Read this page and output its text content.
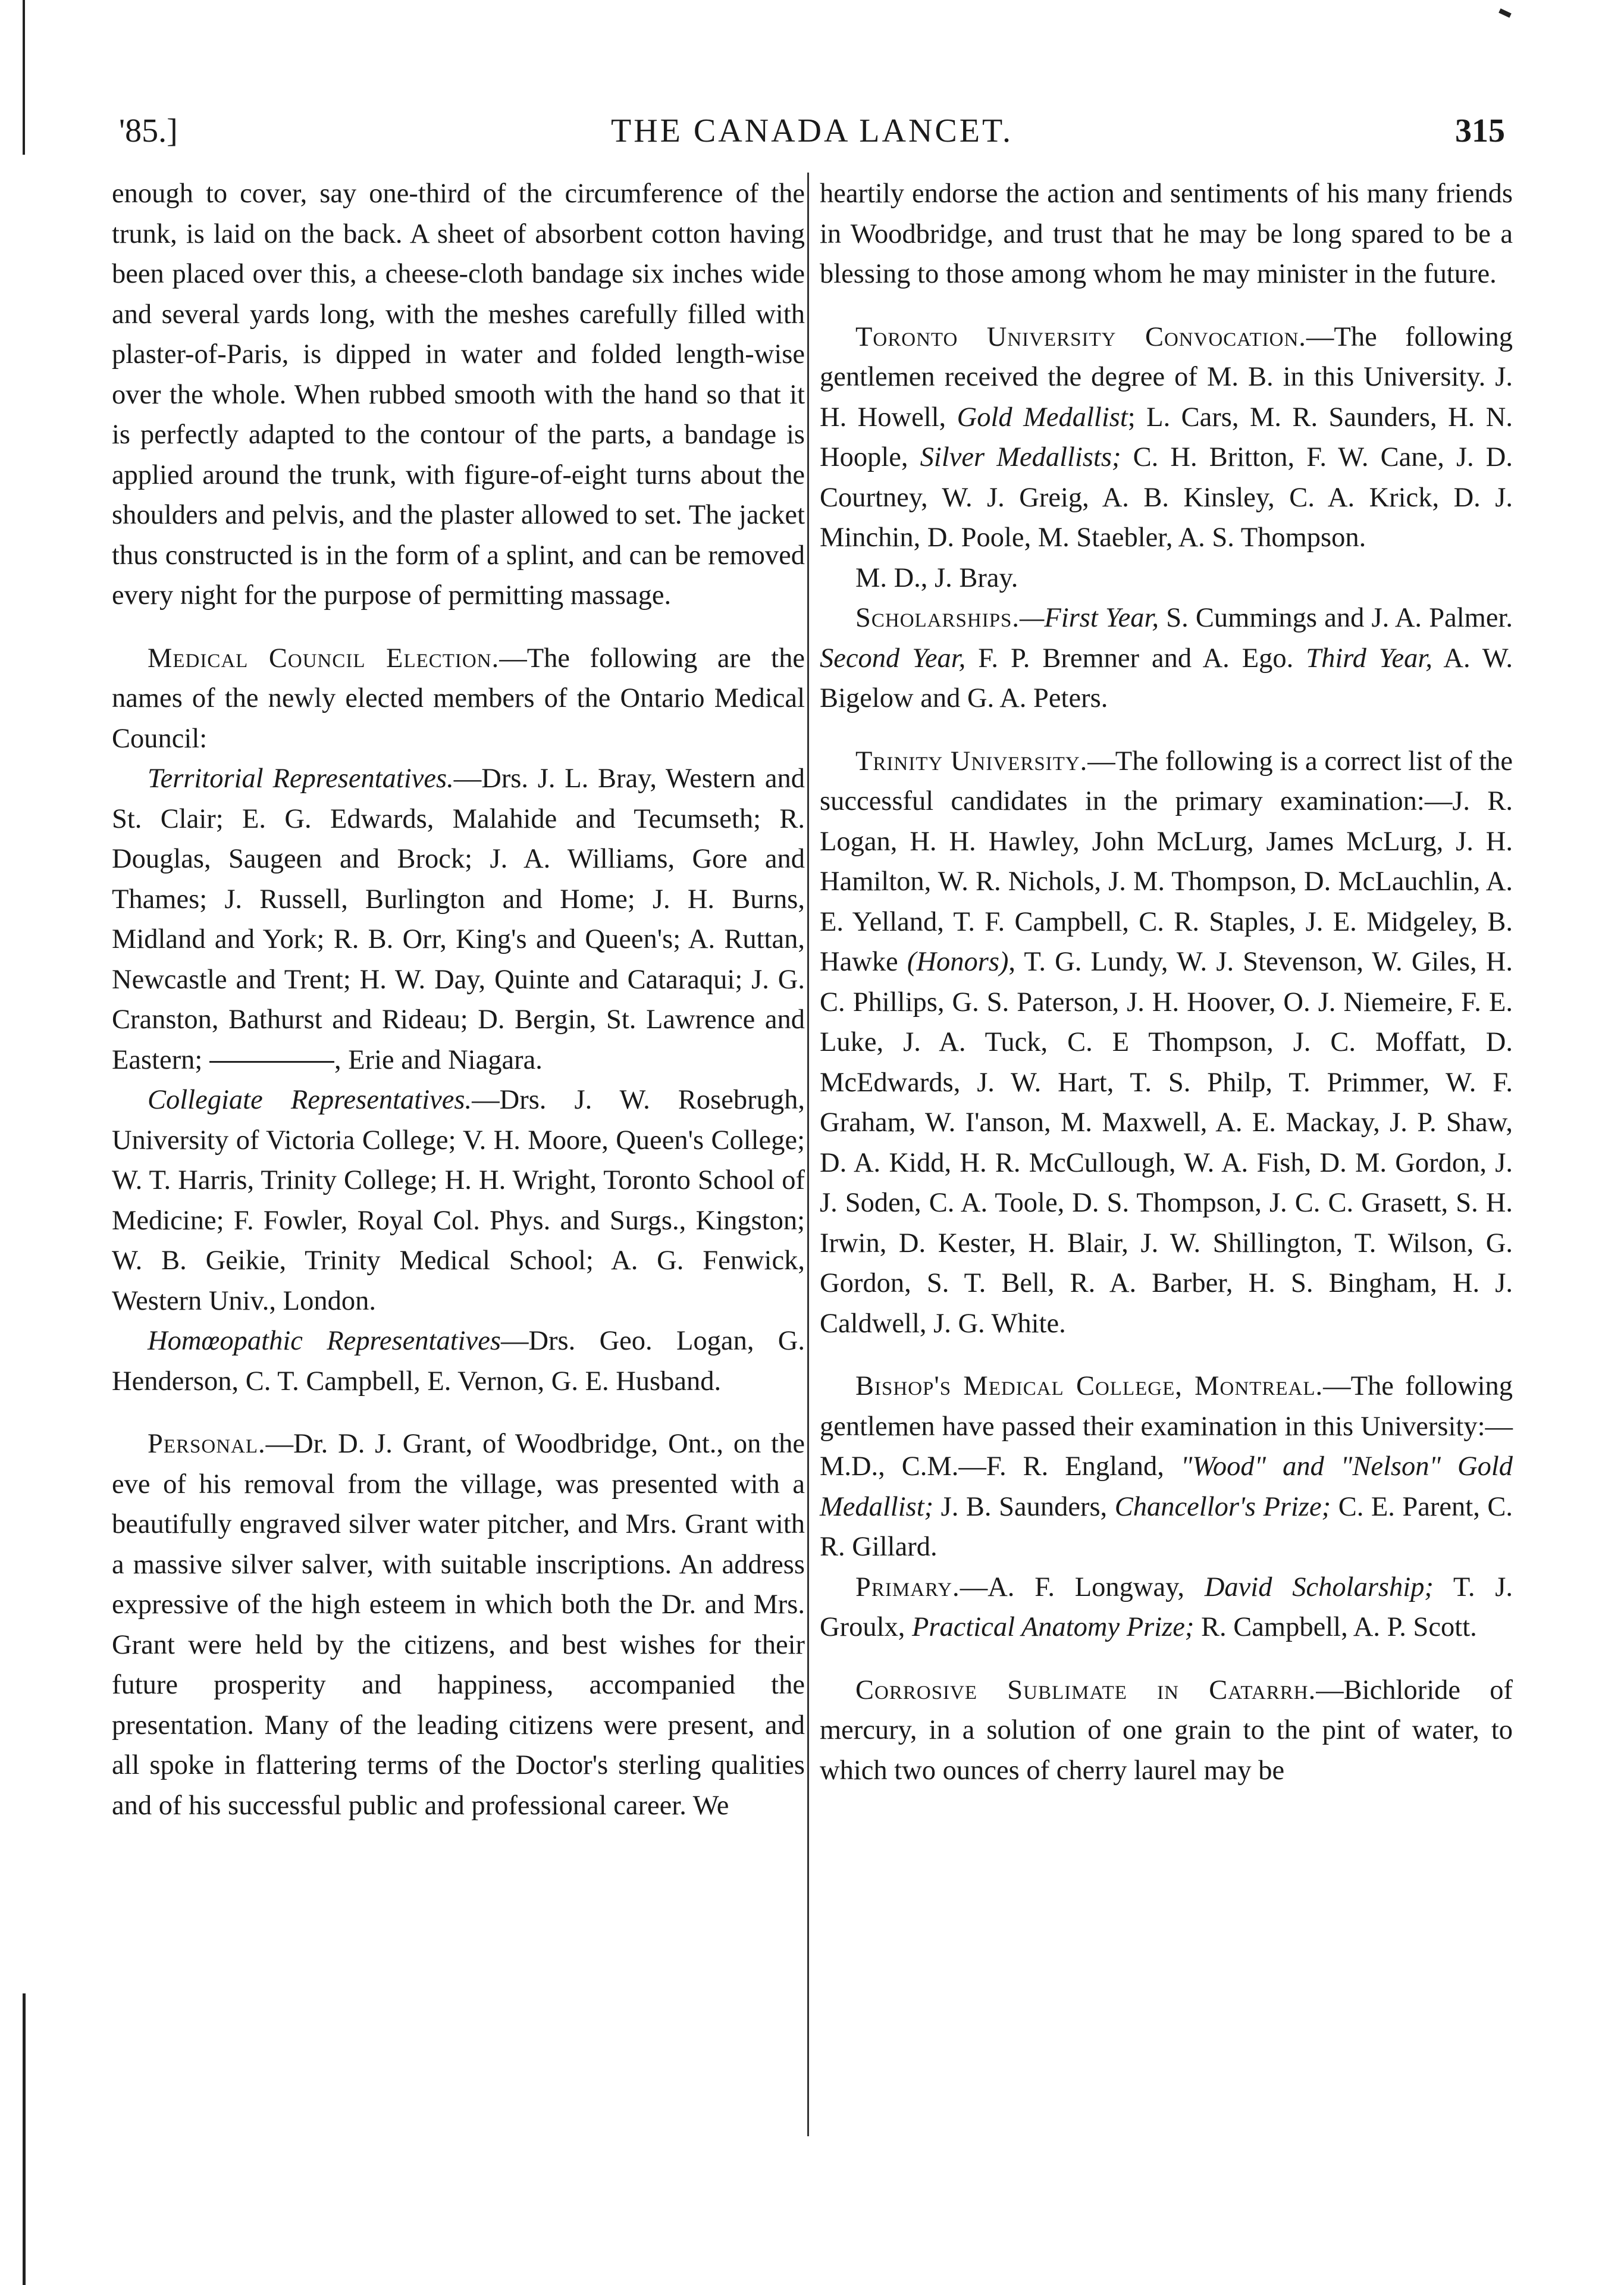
'85.]	THE CANADA LANCET.	315

enough to cover, say one-third of the circumference of the trunk, is laid on the back. A sheet of absorbent cotton having been placed over this, a cheese-cloth bandage six inches wide and several yards long, with the meshes carefully filled with plaster-of-Paris, is dipped in water and folded length-wise over the whole. When rubbed smooth with the hand so that it is perfectly adapted to the contour of the parts, a bandage is applied around the trunk, with figure-of-eight turns about the shoulders and pelvis, and the plaster allowed to set. The jacket thus constructed is in the form of a splint, and can be removed every night for the purpose of permitting massage.

Medical Council Election.—The following are the names of the newly elected members of the Ontario Medical Council:

Territorial Representatives.—Drs. J. L. Bray, Western and St. Clair; E. G. Edwards, Malahide and Tecumseth; R. Douglas, Saugeen and Brock; J. A. Williams, Gore and Thames; J. Russell, Burlington and Home; J. H. Burns, Midland and York; R. B. Orr, King's and Queen's; A. Ruttan, Newcastle and Trent; H. W. Day, Quinte and Cataraqui; J. G. Cranston, Bathurst and Rideau; D. Bergin, St. Lawrence and Eastern;	, Erie and Niagara.

Collegiate Representatives.—Drs. J. W. Rosebrugh, University of Victoria College; V. H. Moore, Queen's College; W. T. Harris, Trinity College; H. H. Wright, Toronto School of Medicine; F. Fowler, Royal Col. Phys. and Surgs., Kingston; W. B. Geikie, Trinity Medical School; A. G. Fenwick, Western Univ., London.

Homœopathic Representatives—Drs. Geo. Logan, G. Henderson, C. T. Campbell, E. Vernon, G. E. Husband.

Personal.—Dr. D. J. Grant, of Woodbridge, Ont., on the eve of his removal from the village, was presented with a beautifully engraved silver water pitcher, and Mrs. Grant with a massive silver salver, with suitable inscriptions. An address expressive of the high esteem in which both the Dr. and Mrs. Grant were held by the citizens, and best wishes for their future prosperity and happiness, accompanied the presentation. Many of the leading citizens were present, and all spoke in flattering terms of the Doctor's sterling qualities and of his successful public and professional career. We

heartily endorse the action and sentiments of his many friends in Woodbridge, and trust that he may be long spared to be a blessing to those among whom he may minister in the future.

Toronto University Convocation.—The following gentlemen received the degree of M. B. in this University. J. H. Howell, Gold Medallist; L. Cars, M. R. Saunders, H. N. Hoople, Silver Medallists; C. H. Britton, F. W. Cane, J. D. Courtney, W. J. Greig, A. B. Kinsley, C. A. Krick, D. J. Minchin, D. Poole, M. Staebler, A. S. Thompson.

M. D., J. Bray.

Scholarships.—First Year, S. Cummings and J. A. Palmer. Second Year, F. P. Bremner and A. Ego. Third Year, A. W. Bigelow and G. A. Peters.

Trinity University.—The following is a correct list of the successful candidates in the primary examination:—J. R. Logan, H. H. Hawley, John McLurg, James McLurg, J. H. Hamilton, W. R. Nichols, J. M. Thompson, D. McLauchlin, A. E. Yelland, T. F. Campbell, C. R. Staples, J. E. Midgeley, B. Hawke (Honors), T. G. Lundy, W. J. Stevenson, W. Giles, H. C. Phillips, G. S. Paterson, J. H. Hoover, O. J. Niemeire, F. E. Luke, J. A. Tuck, C. E Thompson, J. C. Moffatt, D. McEdwards, J. W. Hart, T. S. Philp, T. Primmer, W. F. Graham, W. I'anson, M. Maxwell, A. E. Mackay, J. P. Shaw, D. A. Kidd, H. R. McCullough, W. A. Fish, D. M. Gordon, J. J. Soden, C. A. Toole, D. S. Thompson, J. C. C. Grasett, S. H. Irwin, D. Kester, H. Blair, J. W. Shillington, T. Wilson, G. Gordon, S. T. Bell, R. A. Barber, H. S. Bingham, H. J. Caldwell, J. G. White.

Bishop's Medical College, Montreal.—The following gentlemen have passed their examination in this University:—M.D., C.M.—F. R. England, "Wood" and "Nelson" Gold Medallist; J. B. Saunders, Chancellor's Prize; C. E. Parent, C. R. Gillard.

Primary.—A. F. Longway, David Scholarship; T. J. Groulx, Practical Anatomy Prize; R. Campbell, A. P. Scott.

Corrosive Sublimate in Catarrh.—Bichloride of mercury, in a solution of one grain to the pint of water, to which two ounces of cherry laurel may be
